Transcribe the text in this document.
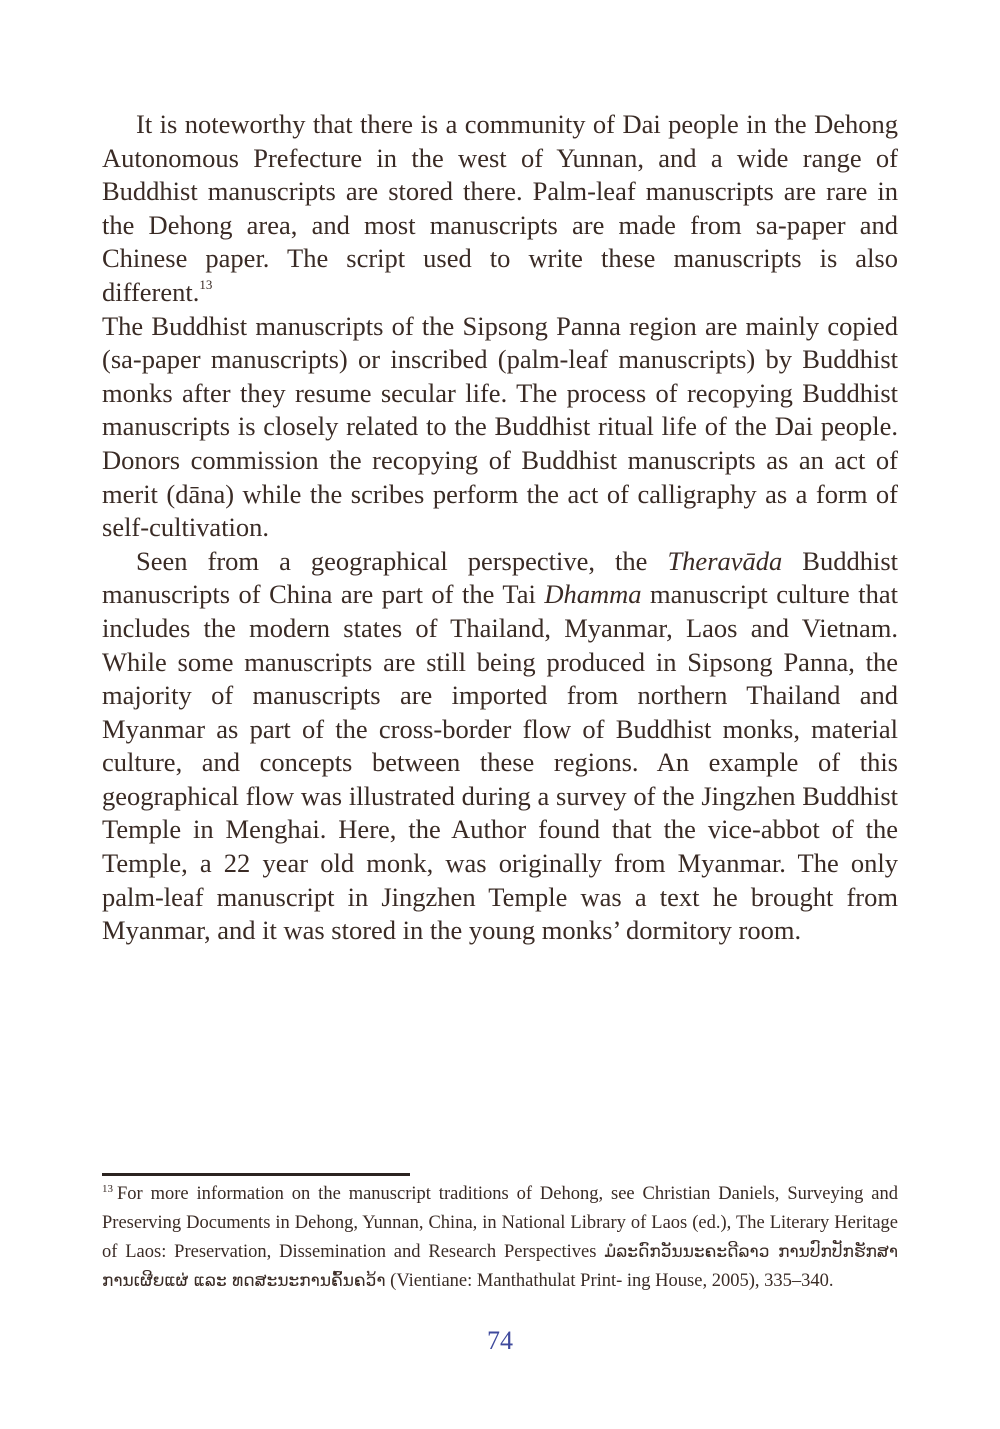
It is noteworthy that there is a community of Dai people in the Dehong Autonomous Prefecture in the west of Yunnan, and a wide range of Buddhist manuscripts are stored there. Palm-leaf manuscripts are rare in the Dehong area, and most manuscripts are made from sa-paper and Chinese paper. The script used to write these manuscripts is also different.$^{13}$

The Buddhist manuscripts of the Sipsong Panna region are mainly copied (sa-paper manuscripts) or inscribed (palm-leaf manuscripts) by Buddhist monks after they resume secular life. The process of recopying Buddhist manuscripts is closely related to the Buddhist ritual life of the Dai people. Donors commission the recopying of Buddhist manuscripts as an act of merit (dāna) while the scribes perform the act of calligraphy as a form of self-cultivation.

Seen from a geographical perspective, the Theravāda Buddhist manuscripts of China are part of the Tai Dhamma manuscript culture that includes the modern states of Thailand, Myanmar, Laos and Vietnam. While some manuscripts are still being produced in Sipsong Panna, the majority of manuscripts are imported from northern Thailand and Myanmar as part of the cross-border flow of Buddhist monks, material culture, and concepts between these regions. An example of this geographical flow was illustrated during a survey of the Jingzhen Buddhist Temple in Menghai. Here, the Author found that the vice-abbot of the Temple, a 22 year old monk, was originally from Myanmar. The only palm-leaf manuscript in Jingzhen Temple was a text he brought from Myanmar, and it was stored in the young monks’ dormitory room.

$^{13}$ For more information on the manuscript traditions of Dehong, see Christian Daniels, Surveying and Preserving Documents in Dehong, Yunnan, China, in National Library of Laos (ed.), The Literary Heritage of Laos: Preservation, Dissemination and Research Perspectives ມໍລະດົກວັນນະຄະດີລາວ ການປົກປັກຮັກສາ ການເຜີຍແຜ່ ແລະ ທດສະນະການຄົ້ນຄວ້າ (Vientiane: Manthathulat Print- ing House, 2005), 335–340.

74
